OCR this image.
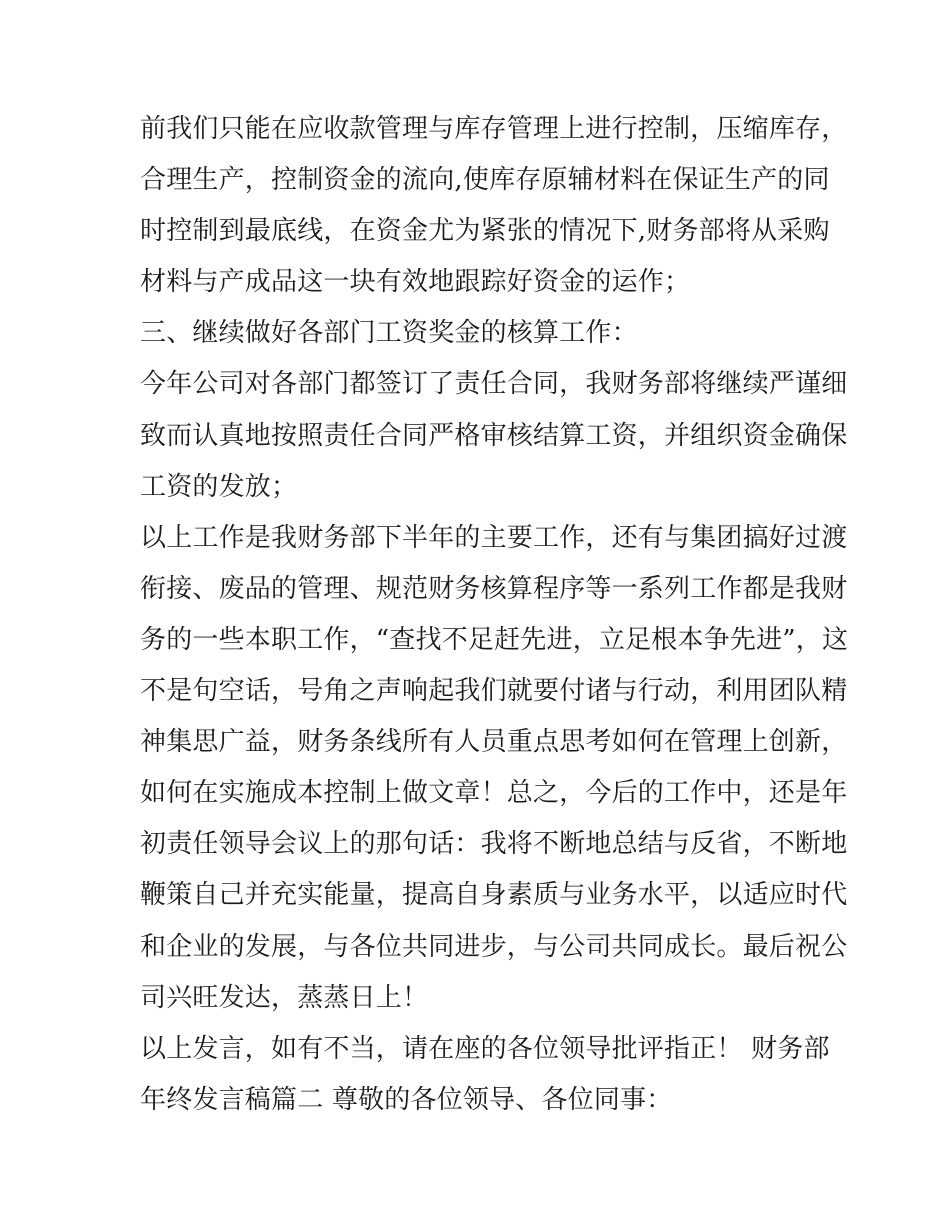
前我们只能在应收款管理与库存管理上进行控制，压缩库存，
合理生产，控制资金的流向,使库存原辅材料在保证生产的同
时控制到最底线，在资金尤为紧张的情况下,财务部将从采购
材料与产成品这一块有效地跟踪好资金的运作；
三、继续做好各部门工资奖金的核算工作：
今年公司对各部门都签订了责任合同，我财务部将继续严谨细
致而认真地按照责任合同严格审核结算工资，并组织资金确保
工资的发放；
以上工作是我财务部下半年的主要工作，还有与集团搞好过渡
衔接、废品的管理、规范财务核算程序等一系列工作都是我财
务的一些本职工作，“查找不足赶先进，立足根本争先进”，这
不是句空话，号角之声响起我们就要付诸与行动，利用团队精
神集思广益，财务条线所有人员重点思考如何在管理上创新，
如何在实施成本控制上做文章！总之，今后的工作中，还是年
初责任领导会议上的那句话：我将不断地总结与反省，不断地
鞭策自己并充实能量，提高自身素质与业务水平，以适应时代
和企业的发展，与各位共同进步，与公司共同成长。最后祝公
司兴旺发达，蒸蒸日上！
以上发言，如有不当，请在座的各位领导批评指正！ 财务部
年终发言稿篇二 尊敬的各位领导、各位同事：
